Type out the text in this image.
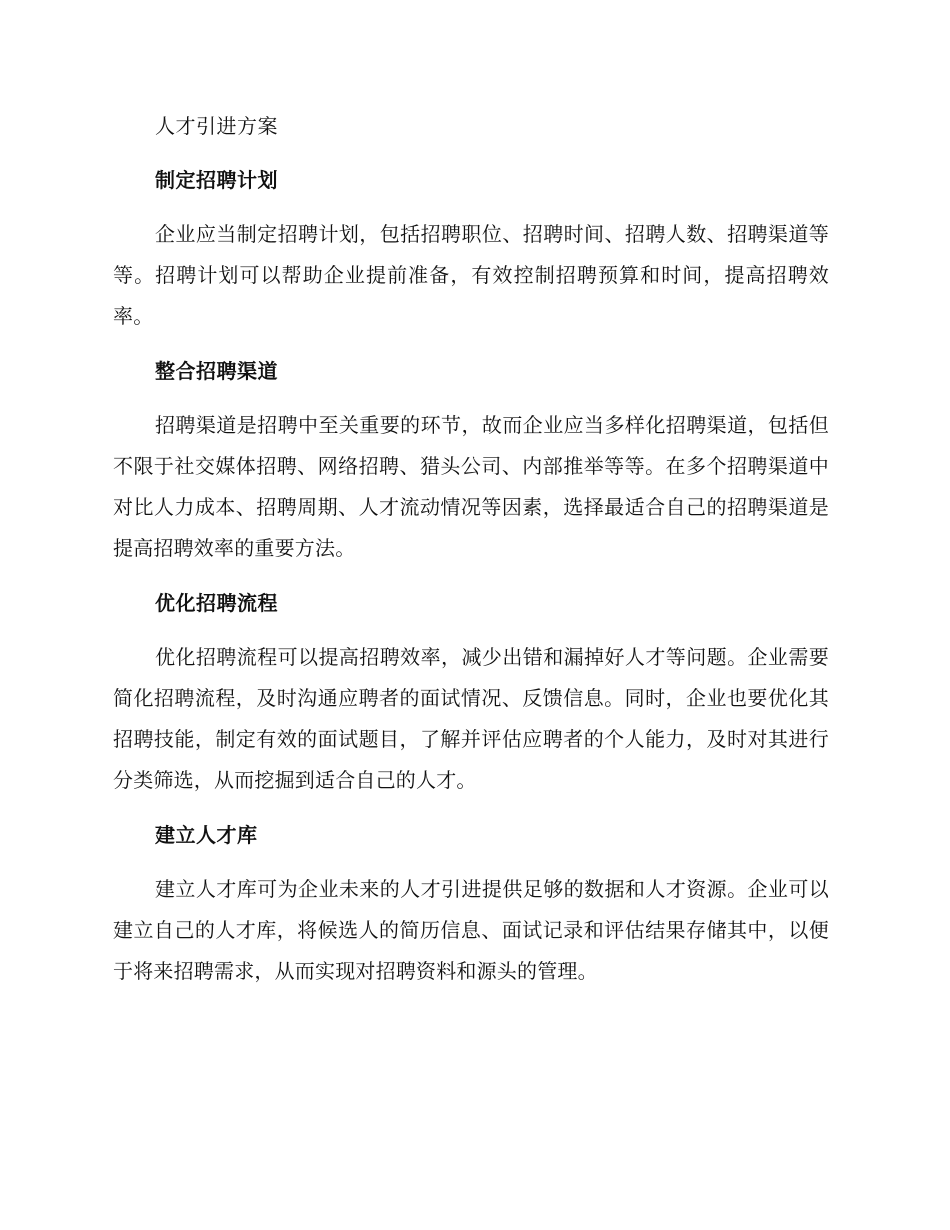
人才引进方案
制定招聘计划

企业应当制定招聘计划，包括招聘职位、招聘时间、招聘人数、招聘渠道等等。招聘计划可以帮助企业提前准备，有效控制招聘预算和时间，提高招聘效率。

整合招聘渠道

招聘渠道是招聘中至关重要的环节，故而企业应当多样化招聘渠道，包括但不限于社交媒体招聘、网络招聘、猎头公司、内部推举等等。在多个招聘渠道中对比人力成本、招聘周期、人才流动情况等因素，选择最适合自己的招聘渠道是提高招聘效率的重要方法。

优化招聘流程

优化招聘流程可以提高招聘效率，减少出错和漏掉好人才等问题。企业需要简化招聘流程，及时沟通应聘者的面试情况、反馈信息。同时，企业也要优化其招聘技能，制定有效的面试题目，了解并评估应聘者的个人能力，及时对其进行分类筛选，从而挖掘到适合自己的人才。

建立人才库

建立人才库可为企业未来的人才引进提供足够的数据和人才资源。企业可以建立自己的人才库，将候选人的简历信息、面试记录和评估结果存储其中，以便于将来招聘需求，从而实现对招聘资料和源头的管理。
